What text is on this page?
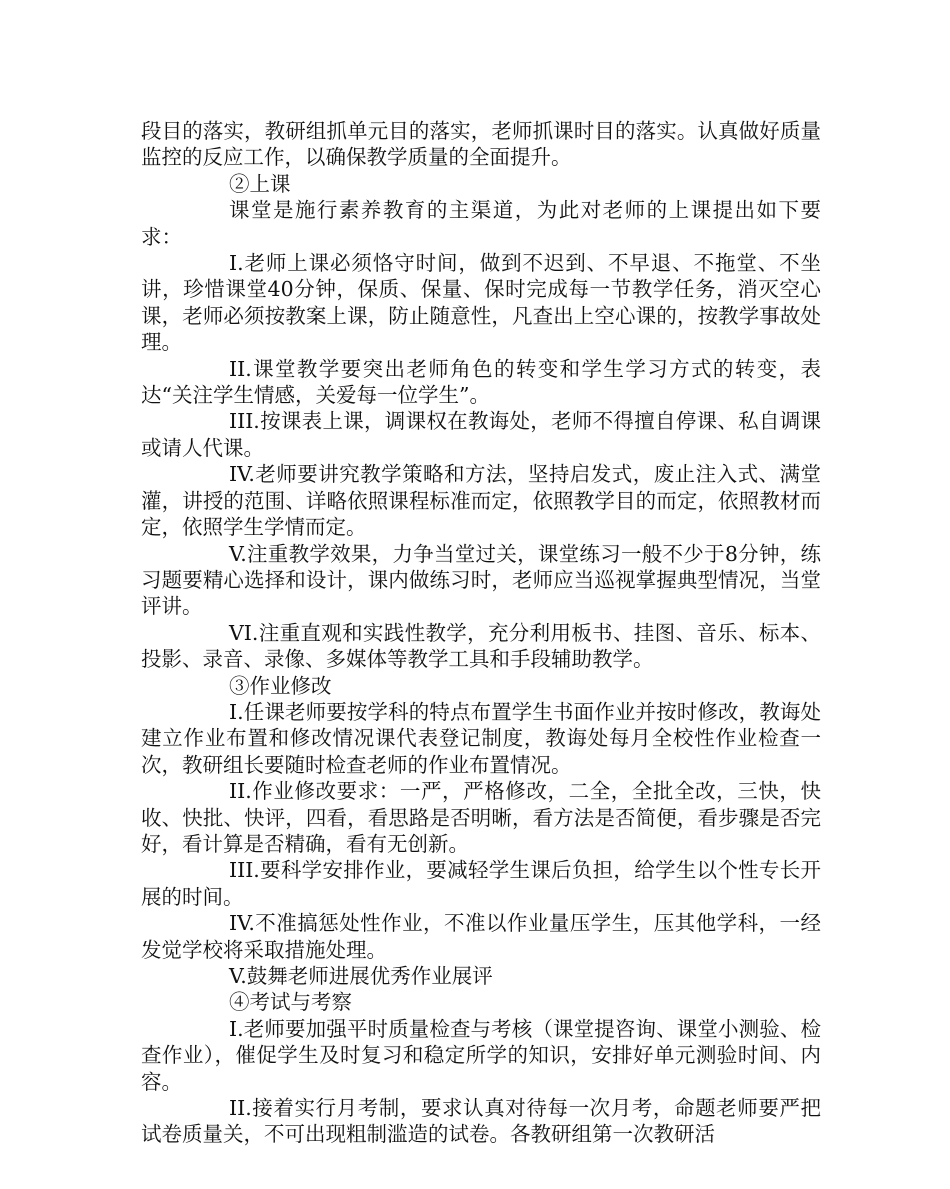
段目的落实，教研组抓单元目的落实，老师抓课时目的落实。认真做好质量监控的反应工作，以确保教学质量的全面提升。

②上课

课堂是施行素养教育的主渠道，为此对老师的上课提出如下要求：

I.老师上课必须恪守时间，做到不迟到、不早退、不拖堂、不坐讲，珍惜课堂40分钟，保质、保量、保时完成每一节教学任务，消灭空心课，老师必须按教案上课，防止随意性，凡查出上空心课的，按教学事故处理。

II.课堂教学要突出老师角色的转变和学生学习方式的转变，表达“关注学生情感，关爱每一位学生”。

III.按课表上课，调课权在教诲处，老师不得擅自停课、私自调课或请人代课。

IV.老师要讲究教学策略和方法，坚持启发式，废止注入式、满堂灌，讲授的范围、详略依照课程标准而定，依照教学目的而定，依照教材而定，依照学生学情而定。

V.注重教学效果，力争当堂过关，课堂练习一般不少于8分钟，练习题要精心选择和设计，课内做练习时，老师应当巡视掌握典型情况，当堂评讲。

VI.注重直观和实践性教学，充分利用板书、挂图、音乐、标本、投影、录音、录像、多媒体等教学工具和手段辅助教学。

③作业修改

I.任课老师要按学科的特点布置学生书面作业并按时修改，教诲处建立作业布置和修改情况课代表登记制度，教诲处每月全校性作业检查一次，教研组长要随时检查老师的作业布置情况。

II.作业修改要求：一严，严格修改，二全，全批全改，三快，快收、快批、快评，四看，看思路是否明晰，看方法是否简便，看步骤是否完好，看计算是否精确，看有无创新。

III.要科学安排作业，要减轻学生课后负担，给学生以个性专长开展的时间。

IV.不准搞惩处性作业，不准以作业量压学生，压其他学科，一经发觉学校将采取措施处理。

V.鼓舞老师进展优秀作业展评

④考试与考察

I.老师要加强平时质量检查与考核（课堂提咨询、课堂小测验、检查作业），催促学生及时复习和稳定所学的知识，安排好单元测验时间、内容。

II.接着实行月考制，要求认真对待每一次月考，命题老师要严把试卷质量关，不可出现粗制滥造的试卷。各教研组第一次教研活
